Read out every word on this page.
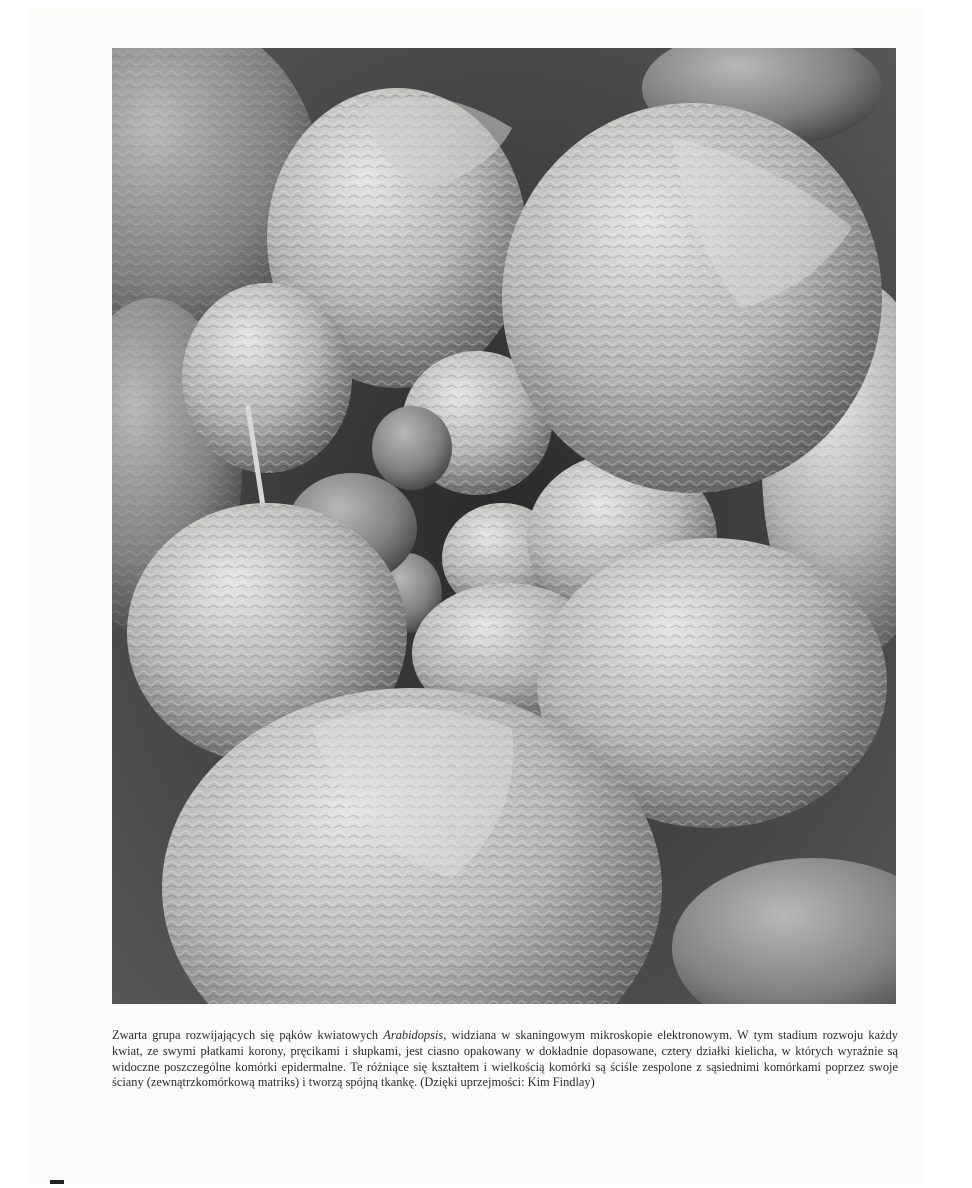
Zwarta grupa rozwijających się pąków kwiatowych Arabidopsis, widziana w skaningowym mikroskopie elektronowym. W tym stadium rozwoju każdy kwiat, ze swymi płatkami korony, pręcikami i słupkami, jest ciasno opakowany w dokładnie dopasowane, cztery działki kielicha, w których wyraźnie są widoczne poszczególne komórki epidermalne. Te różniące się kształtem i wielkością komórki są ściśle zespolone z sąsiednimi komórkami poprzez swoje ściany (zewnątrzkomórkową matriks) i tworzą spójną tkankę. (Dzięki uprzejmości: Kim Findlay)
